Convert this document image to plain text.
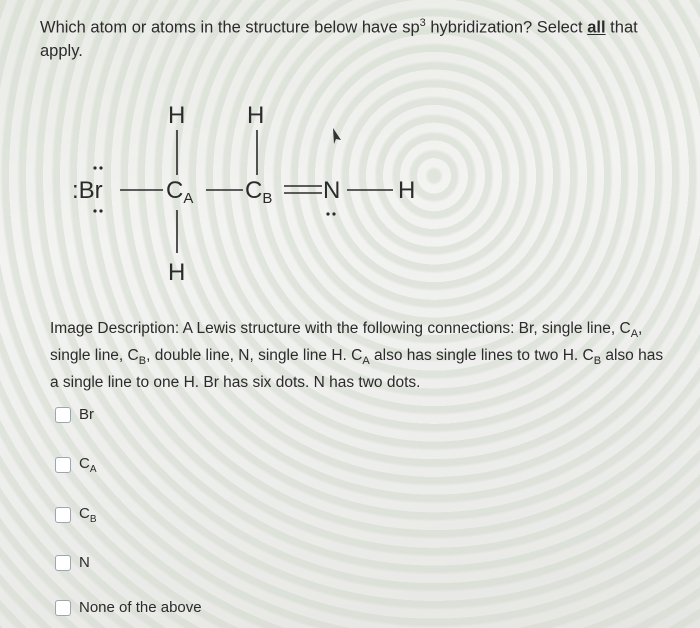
Which atom or atoms in the structure below have $sp^3$ hybridization? Select all that apply.
H	H
:Br	$C_A$ $C_B$ N H
H
Image Description: A Lewis structure with the following connections: Br, single line, $C_A$, single line, $C_B$, double line, N, single line H. $C_A$ also has single lines to two H. $C_B$ also has a single line to one H. Br has six dots. N has two dots.
Br
$C_A$
$C_B$
N
None of the above
